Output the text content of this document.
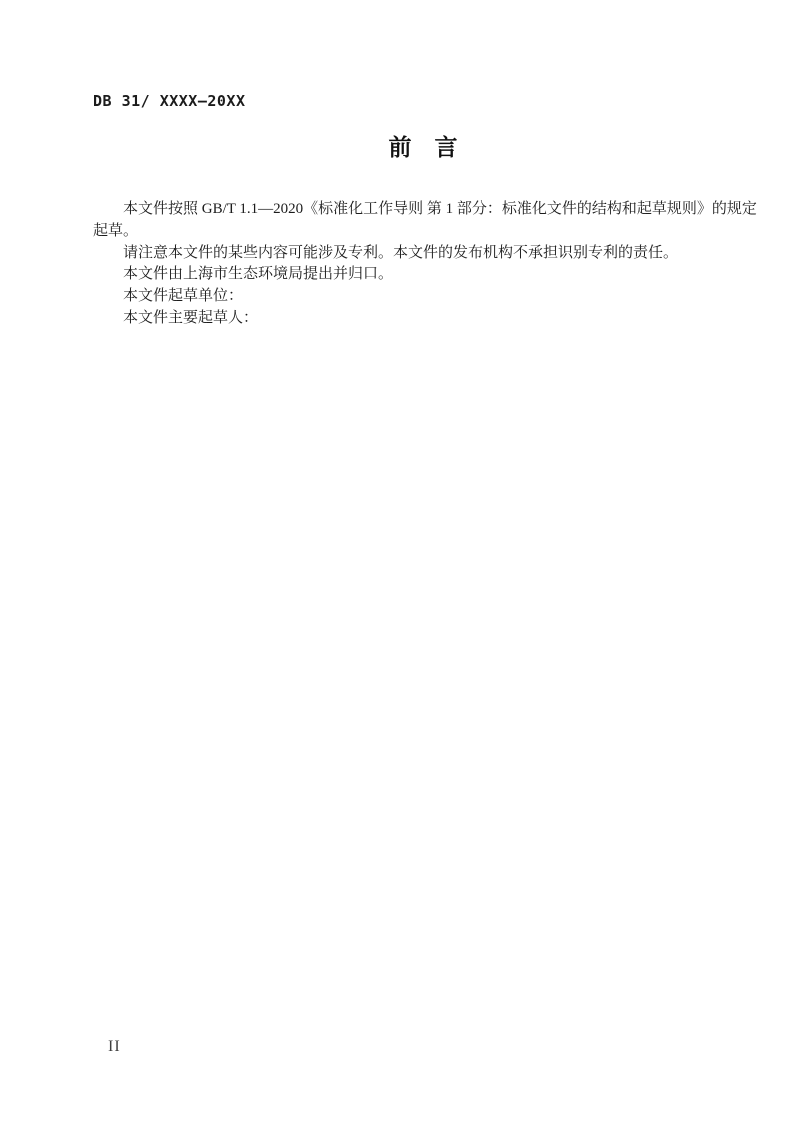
DB 31/ XXXX—20XX
前　言
本文件按照 GB/T 1.1—2020《标准化工作导则 第 1 部分：标准化文件的结构和起草规则》的规定
起草。
请注意本文件的某些内容可能涉及专利。本文件的发布机构不承担识别专利的责任。
本文件由上海市生态环境局提出并归口。
本文件起草单位：
本文件主要起草人：
II
